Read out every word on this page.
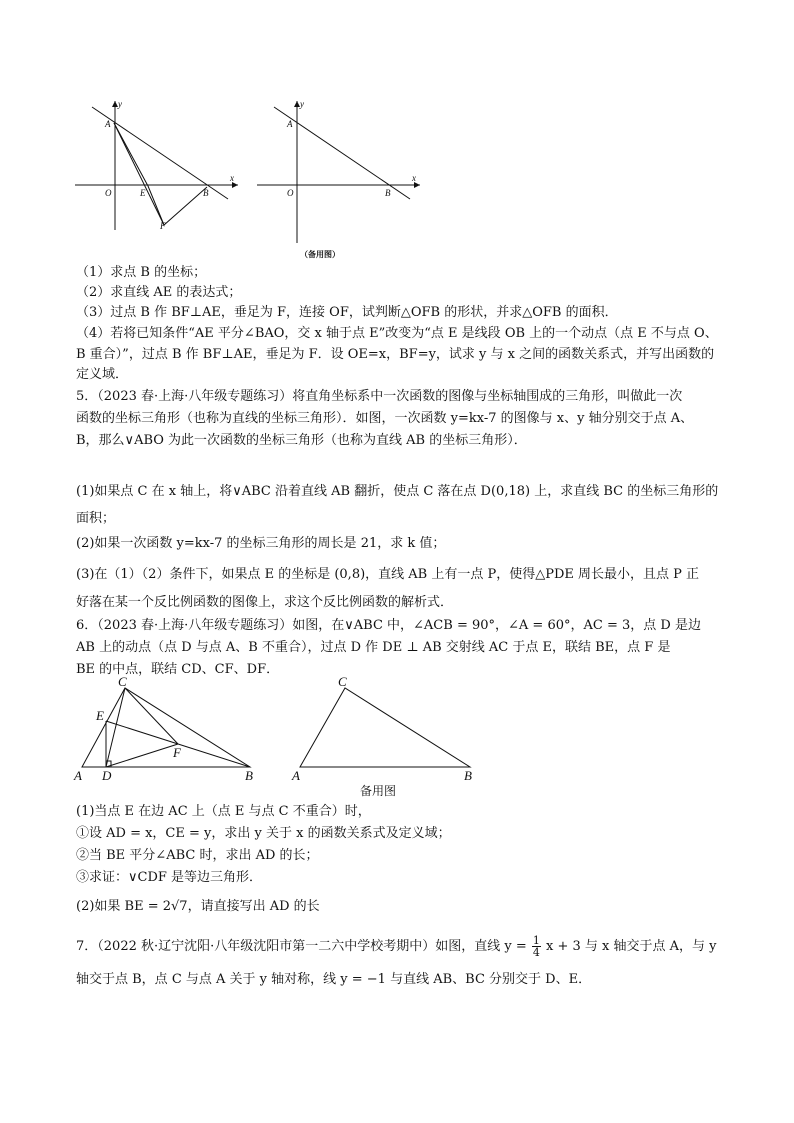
y
x
A
O	E	B
F
y
x
A
O	B
（备用图）
（1）求点 B 的坐标；
（2）求直线 AE 的表达式；
（3）过点 B 作 BF⊥AE，垂足为 F，连接 OF，试判断△OFB 的形状，并求△OFB 的面积．
（4）若将已知条件“AE 平分∠BAO，交 x 轴于点 E”改变为“点 E 是线段 OB 上的一个动点（点 E 不与点 O、
B 重合）”，过点 B 作 BF⊥AE，垂足为 F．设 OE=x，BF=y，试求 y 与 x 之间的函数关系式，并写出函数的
定义域．
5．（2023 春·上海·八年级专题练习）将直角坐标系中一次函数的图像与坐标轴围成的三角形，叫做此一次
函数的坐标三角形（也称为直线的坐标三角形）．如图，一次函数 y=kx-7 的图像与 x、y 轴分别交于点 A、
B，那么∨ABO 为此一次函数的坐标三角形（也称为直线 AB 的坐标三角形）．
(1)如果点 C 在 x 轴上，将∨ABC 沿着直线 AB 翻折，使点 C 落在点 D(0,18) 上，求直线 BC 的坐标三角形的
面积；
(2)如果一次函数 y=kx-7 的坐标三角形的周长是 21，求 k 值；
(3)在（1）（2）条件下，如果点 E 的坐标是 (0,8)，直线 AB 上有一点 P，使得△PDE 周长最小，且点 P 正
好落在某一个反比例函数的图像上，求这个反比例函数的解析式．
6．（2023 春·上海·八年级专题练习）如图，在∨ABC 中，∠ACB = 90°，∠A = 60°，AC = 3，点 D 是边
AB 上的动点（点 D 与点 A、B 不重合），过点 D 作 DE ⊥ AB 交射线 AC 于点 E，联结 BE，点 F 是
BE 的中点，联结 CD、CF、DF．
C
E
F
A D	B
C
A	B
备用图
(1)当点 E 在边 AC 上（点 E 与点 C 不重合）时，
①设 AD = x，CE = y，求出 y 关于 x 的函数关系式及定义域；
②当 BE 平分∠ABC 时，求出 AD 的长；
③求证：∨CDF 是等边三角形．
(2)如果 BE = 2√7，请直接写出 AD 的长
7．（2022 秋·辽宁沈阳·八年级沈阳市第一二六中学校考期中）如图，直线 $y = \frac{1}{4}$ x + 3 与 x 轴交于点 A，与 y
轴交于点 B，点 C 与点 A 关于 y 轴对称，线 y = −1 与直线 AB、BC 分别交于 D、E．
